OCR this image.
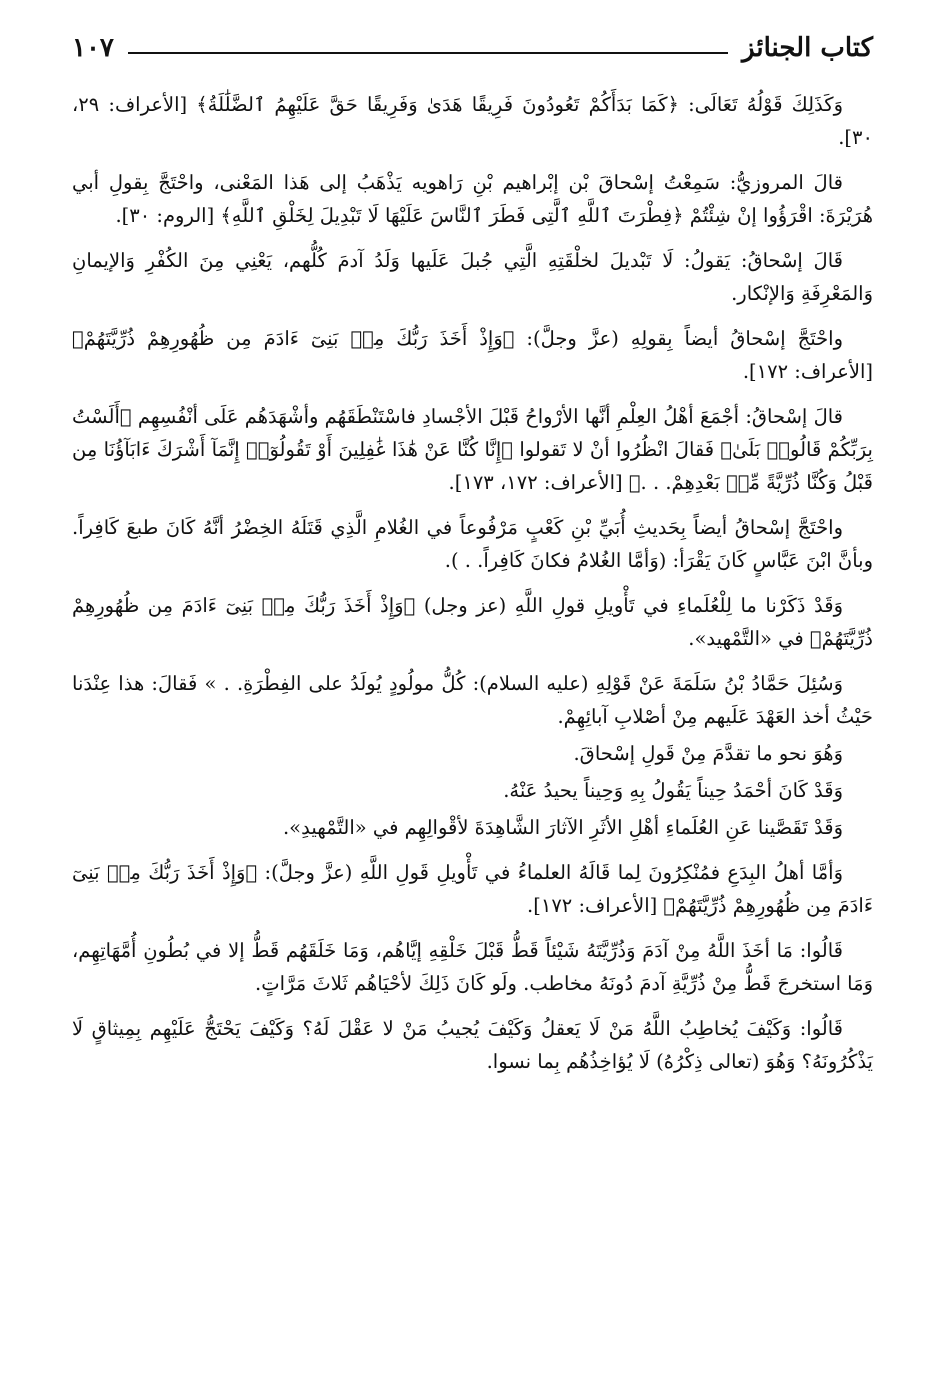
كتاب الجنائز
١٠٧

وَكَذَلِكَ قَوْلُهُ تَعَالَى: ﴿كَمَا بَدَأَكُمْ تَعُودُونَ فَرِيقًا هَدَىٰ وَفَرِيقًا حَقَّ عَلَيْهِمُ ٱلضَّلَٰلَةُ﴾ [الأعراف: ٢٩، ٣٠].

قالَ المروزيُّ: سَمِعْتُ إسْحاقَ بْن إبْراهيم بْنِ رَاهويه يَذْهَبُ إلى هَذا المَعْنى، واحْتَجَّ بِقولِ أبي هُرَيْرَةَ: اقْرَؤُوا إنْ شِئْتُمْ ﴿فِطْرَتَ ٱللَّهِ ٱلَّتِى فَطَرَ ٱلنَّاسَ عَلَيْهَا لَا تَبْدِيلَ لِخَلْقِ ٱللَّهِ﴾ [الروم: ٣٠].

قَالَ إسْحاقُ: يَقولُ: لَا تَبْديلَ لخلْقَتِهِ الَّتِي جُبلَ عَلَيها وَلَدُ آدمَ كُلُّهم، يَعْنِي مِنَ الكُفْرِ وَالإيمانِ وَالمَعْرِفَةِ وَالإنْكار.

واحْتَجَّ إسْحاقُ أيضاً بِقولِهِ (عزَّ وجلَّ): ﴿وَإِذْ أَخَذَ رَبُّكَ مِنۢ بَنِىٓ ءَادَمَ مِن ظُهُورِهِمْ ذُرِّيَّتَهُمْ﴾ [الأعراف: ١٧٢].

قالَ إسْحاقُ: أجْمَعَ أهْلُ العِلْمِ أنَّها الأرْواحُ قَبْلَ الأجْسادِ فاسْتَنْطَقَهُم وأشْهَدَهُم عَلَى أنْفُسِهِم ﴿أَلَسْتُ بِرَبِّكُمْ قَالُوا۟ بَلَىٰ﴾ فَقالَ انْظُرُوا أنْ لا تَقولوا ﴿إِنَّا كُنَّا عَنْ هَٰذَا غَٰفِلِينَ أَوْ تَقُولُوٓا۟ إِنَّمَآ أَشْرَكَ ءَابَآؤُنَا مِن قَبْلُ وَكُنَّا ذُرِّيَّةً مِّنۢ بَعْدِهِمْ. . .﴾ [الأعراف: ١٧٢، ١٧٣].

واحْتَجَّ إسْحاقُ أيضاً بِحَديثِ أُبَيِّ بْنِ كَعْبٍ مَرْفُوعاً في الغُلامِ الَّذِي قَتَلَهُ الخِضْرُ أنَّهُ كَانَ طبعَ كَافِراً. وبأنَّ ابْنَ عَبَّاسٍ كَانَ يَقْرَأ: (وَأمَّا الغُلامُ فكانَ كَافِراً. . ).

وَقَدْ ذَكَرْنا ما لِلْعُلَماءِ في تَأْويلِ قولِ اللَّهِ (عز وجل) ﴿وَإِذْ أَخَذَ رَبُّكَ مِنۢ بَنِىٓ ءَادَمَ مِن ظُهُورِهِمْ ذُرِّيَّتَهُمْ﴾ في «التَّمْهيد».

وَسُئِلَ حَمَّادُ بْنُ سَلَمَةَ عَنْ قَوْلِهِ (عليه السلام): كُلُّ مولُودٍ يُولَدُ على الفِطْرَةِ. . » فَقالَ: هذا عِنْدَنا حَيْثُ أخذ العَهْدَ عَلَيهم مِنْ أصْلابِ آبائِهِمْ.

وَهُوَ نحو ما تقدَّمَ مِنْ قَولِ إسْحاقَ.

وَقَدْ كَانَ أحْمَدُ حِيناً يَقُولُ بِهِ وَحِيناً يحيدُ عَنْهُ.

وَقَدْ تَقَصَّينا عَنِ العُلَماءِ أهْلِ الأثَرِ الآثارَ الشَّاهِدَةَ لأقْوالِهِم في «التَّمْهيدِ».

وَأمَّا أهلُ البِدَعِ فمُنْكِرُونَ لِما قَالَهُ العلماءُ في تَأْويلِ قَولِ اللَّهِ (عزَّ وجلَّ): ﴿وَإِذْ أَخَذَ رَبُّكَ مِنۢ بَنِىٓ ءَادَمَ مِن ظُهُورِهِمْ ذُرِّيَّتَهُمْ﴾ [الأعراف: ١٧٢].

قَالُوا: مَا أخَذَ اللَّهُ مِنْ آدَمَ وَذُرِّيَّتَهُ شَيْئاً قَطُّ قَبْلَ خَلْقِهِ إيَّاهُم، وَمَا خَلَقَهُم قَطُّ إلا في بُطُونِ أُمَّهَاتِهِم، وَمَا استخرجَ قَطُّ مِنْ ذُرِّيَّةِ آدمَ دُونَهُ مخاطب. ولَو كَانَ ذَلِكَ لأحْيَاهُم ثَلاثَ مَرَّاتٍ.

قَالُوا: وَكَيْفَ يُخاطِبُ اللَّهُ مَنْ لَا يَعقلُ وَكَيْفَ يُجيبُ مَنْ لا عَقْلَ لَهُ؟ وَكَيْفَ يَحْتَجُّ عَلَيْهِم بِمِيثاقٍ لَا يَذْكُرُونَهُ؟ وَهُوَ (تعالى ذِكْرُهُ) لَا يُؤاخِذُهُم بِما نسوا.
